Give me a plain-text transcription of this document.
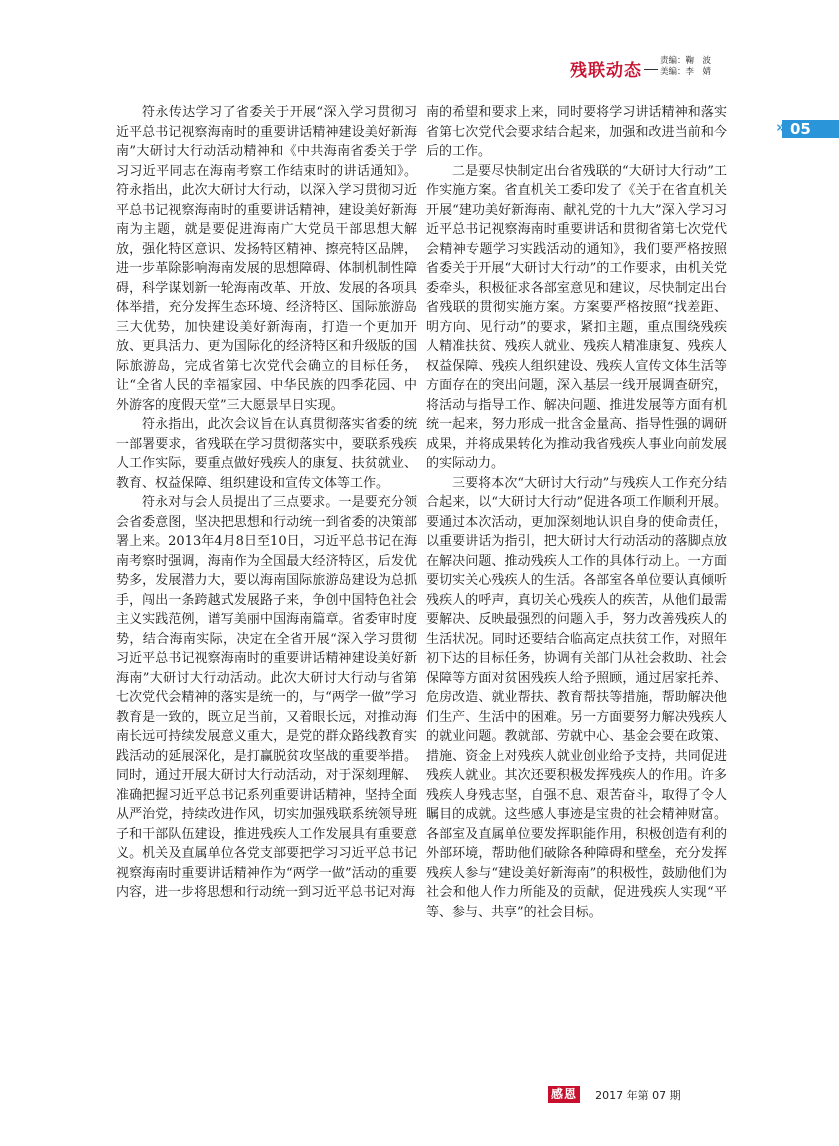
残联动态 责编：鞠　波
美编：李　婧
» 05

符永传达学习了省委关于开展“深入学习贯彻习近平总书记视察海南时的重要讲话精神建设美好新海南”大研讨大行动活动精神和《中共海南省委关于学习习近平同志在海南考察工作结束时的讲话通知》。符永指出，此次大研讨大行动，以深入学习贯彻习近平总书记视察海南时的重要讲话精神，建设美好新海南为主题，就是要促进海南广大党员干部思想大解放，强化特区意识、发扬特区精神、擦亮特区品牌，进一步革除影响海南发展的思想障碍、体制机制性障碍，科学谋划新一轮海南改革、开放、发展的各项具体举措，充分发挥生态环境、经济特区、国际旅游岛三大优势，加快建设美好新海南，打造一个更加开放、更具活力、更为国际化的经济特区和升级版的国际旅游岛，完成省第七次党代会确立的目标任务，让“全省人民的幸福家园、中华民族的四季花园、中外游客的度假天堂”三大愿景早日实现。

符永指出，此次会议旨在认真贯彻落实省委的统一部署要求，省残联在学习贯彻落实中，要联系残疾人工作实际，要重点做好残疾人的康复、扶贫就业、教育、权益保障、组织建设和宣传文体等工作。

符永对与会人员提出了三点要求。一是要充分领会省委意图，坚决把思想和行动统一到省委的决策部署上来。2013年4月8日至10日，习近平总书记在海南考察时强调，海南作为全国最大经济特区，后发优势多，发展潜力大，要以海南国际旅游岛建设为总抓手，闯出一条跨越式发展路子来，争创中国特色社会主义实践范例，谱写美丽中国海南篇章。省委审时度势，结合海南实际，决定在全省开展“深入学习贯彻习近平总书记视察海南时的重要讲话精神建设美好新海南”大研讨大行动活动。此次大研讨大行动与省第七次党代会精神的落实是统一的，与“两学一做”学习教育是一致的，既立足当前，又着眼长远，对推动海南长远可持续发展意义重大，是党的群众路线教育实践活动的延展深化，是打赢脱贫攻坚战的重要举措。同时，通过开展大研讨大行动活动，对于深刻理解、准确把握习近平总书记系列重要讲话精神，坚持全面从严治党，持续改进作风，切实加强残联系统领导班子和干部队伍建设，推进残疾人工作发展具有重要意义。机关及直属单位各党支部要把学习习近平总书记视察海南时重要讲话精神作为“两学一做”活动的重要内容，进一步将思想和行动统一到习近平总书记对海

南的希望和要求上来，同时要将学习讲话精神和落实省第七次党代会要求结合起来，加强和改进当前和今后的工作。

二是要尽快制定出台省残联的“大研讨大行动”工作实施方案。省直机关工委印发了《关于在省直机关开展“建功美好新海南、献礼党的十九大”深入学习习近平总书记视察海南时重要讲话和贯彻省第七次党代会精神专题学习实践活动的通知》，我们要严格按照省委关于开展“大研讨大行动”的工作要求，由机关党委牵头，积极征求各部室意见和建议，尽快制定出台省残联的贯彻实施方案。方案要严格按照“找差距、明方向、见行动”的要求，紧扣主题，重点围绕残疾人精准扶贫、残疾人就业、残疾人精准康复、残疾人权益保障、残疾人组织建设、残疾人宣传文体生活等方面存在的突出问题，深入基层一线开展调查研究，将活动与指导工作、解决问题、推进发展等方面有机统一起来，努力形成一批含金量高、指导性强的调研成果，并将成果转化为推动我省残疾人事业向前发展的实际动力。

三要将本次“大研讨大行动”与残疾人工作充分结合起来，以“大研讨大行动”促进各项工作顺利开展。要通过本次活动，更加深刻地认识自身的使命责任，以重要讲话为指引，把大研讨大行动活动的落脚点放在解决问题、推动残疾人工作的具体行动上。一方面要切实关心残疾人的生活。各部室各单位要认真倾听残疾人的呼声，真切关心残疾人的疾苦，从他们最需要解决、反映最强烈的问题入手，努力改善残疾人的生活状况。同时还要结合临高定点扶贫工作，对照年初下达的目标任务，协调有关部门从社会救助、社会保障等方面对贫困残疾人给予照顾，通过居家托养、危房改造、就业帮扶、教育帮扶等措施，帮助解决他们生产、生活中的困难。另一方面要努力解决残疾人的就业问题。教就部、劳就中心、基金会要在政策、措施、资金上对残疾人就业创业给予支持，共同促进残疾人就业。其次还要积极发挥残疾人的作用。许多残疾人身残志坚，自强不息、艰苦奋斗，取得了令人瞩目的成就。这些感人事迹是宝贵的社会精神财富。各部室及直属单位要发挥职能作用，积极创造有利的外部环境，帮助他们破除各种障碍和壁垒，充分发挥残疾人参与“建设美好新海南”的积极性，鼓励他们为社会和他人作力所能及的贡献，促进残疾人实现“平等、参与、共享”的社会目标。

感恩 2017 年第 07 期
